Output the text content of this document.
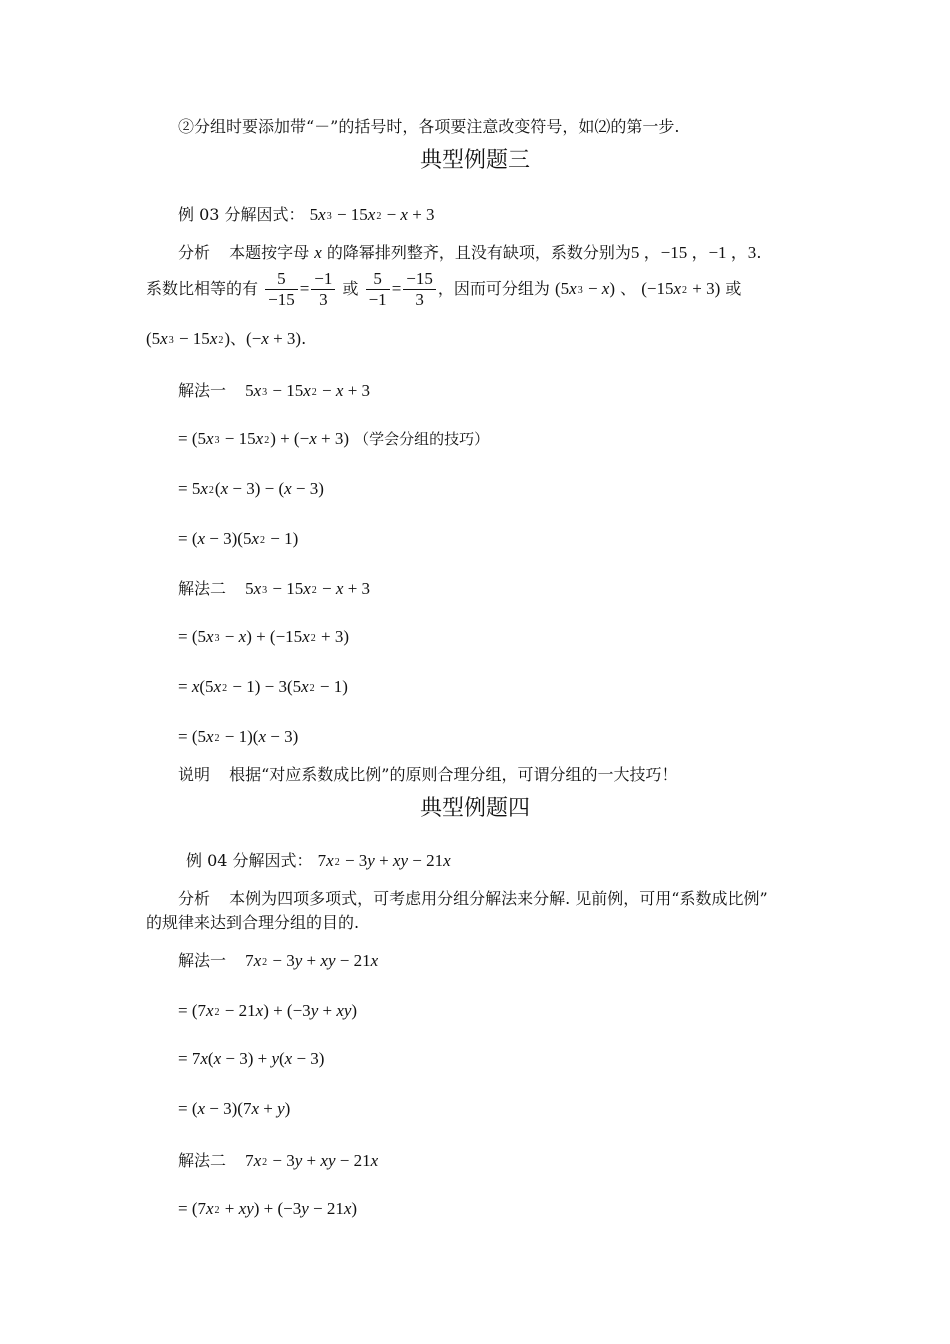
②分组时要添加带“－”的括号时，各项要注意改变符号，如⑵的第一步.
典型例题三
例 03 分解因式： $5x^3 - 15x^2 - x + 3$
分析 本题按字母 x 的降幂排列整齐，且没有缺项，系数分别为5 ，−15 ，−1 ，3.
系数比相等的有 $\frac{5}{-15} = \frac{-1}{3}$ 或 $\frac{5}{-1} = \frac{-15}{3}$ ，因而可分组为 $(5x^3 - x)$ 、 $(-15x^2 + 3)$ 或
$(5x^3 - 15x^2)$、(−x + 3).
解法一 $5x^3 - 15x^2 - x + 3$
= $(5x^3 - 15x^2) + (-x + 3)$ （学会分组的技巧）
= $5x^2(x - 3) - (x - 3)$
= $(x - 3)(5x^2 - 1)$
解法二 $5x^3 - 15x^2 - x + 3$
= $(5x^3 - x) + (-15x^2 + 3)$
= $x(5x^2 - 1) - 3(5x^2 - 1)$
= $(5x^2 - 1)(x - 3)$
说明 根据“对应系数成比例”的原则合理分组，可谓分组的一大技巧！
典型例题四
例 04 分解因式： $7x^2 - 3y$ + xy − 21x
分析 本例为四项多项式，可考虑用分组分解法来分解. 见前例，可用“系数成比例”
的规律来达到合理分组的目的.
解法一 $7x^2 - 3y$ + xy − 21x
= $(7x^2 - 21x) + (-3y + xy)$
= 7x(x − 3) + y(x − 3)
= (x − 3)(7x + y)
解法二 $7x^2 - 3y$ + xy − 21x
= $(7x^2 + xy) + (-3y - 21x)$
